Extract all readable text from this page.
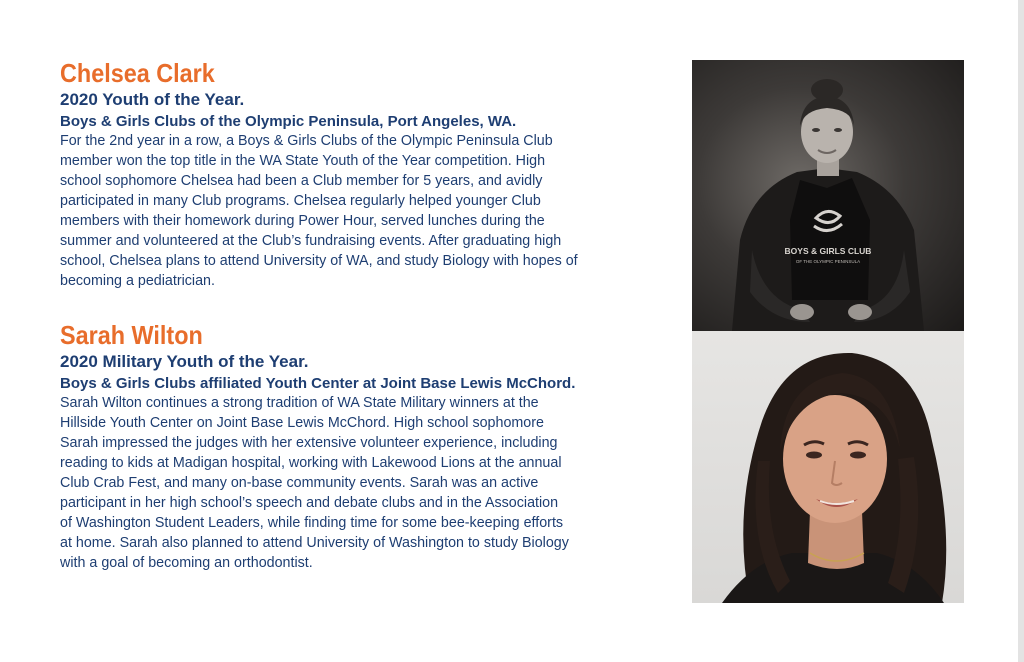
Chelsea Clark
2020 Youth of the Year.
Boys & Girls Clubs of the Olympic Peninsula, Port Angeles, WA.

For the 2nd year in a row, a Boys & Girls Clubs of the Olympic Peninsula Club
member won the top title in the WA State Youth of the Year competition. High
school sophomore Chelsea had been a Club member for 5 years, and avidly
participated in many Club programs. Chelsea regularly helped younger Club
members with their homework during Power Hour, served lunches during the
summer and volunteered at the Club’s fundraising events. After graduating high
school, Chelsea plans to attend University of WA, and study Biology with hopes of
becoming a pediatrician.

Sarah Wilton
2020 Military Youth of the Year.
Boys & Girls Clubs affiliated Youth Center at Joint Base Lewis McChord.

Sarah Wilton continues a strong tradition of WA State Military winners at the
Hillside Youth Center on Joint Base Lewis McChord. High school sophomore
Sarah impressed the judges with her extensive volunteer experience, including
reading to kids at Madigan hospital, working with Lakewood Lions at the annual
Club Crab Fest, and many on-base community events. Sarah was an active
participant in her high school’s speech and debate clubs and in the Association
of Washington Student Leaders, while finding time for some bee-keeping efforts
at home. Sarah also planned to attend University of Washington to study Biology
with a goal of becoming an orthodontist.

BOYS & GIRLS CLUB
OF THE OLYMPIC PENINSULA
